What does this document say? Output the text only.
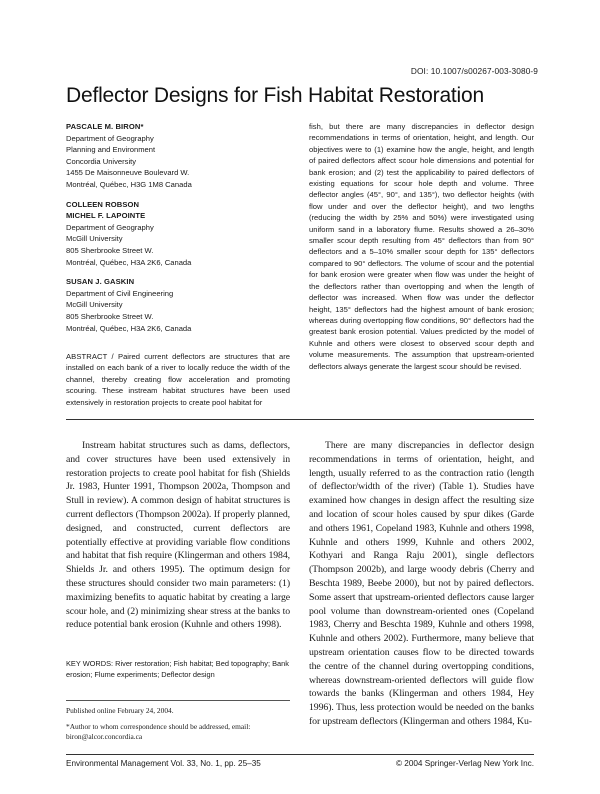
DOI: 10.1007/s00267-003-3080-9
Deflector Designs for Fish Habitat Restoration
PASCALE M. BIRON*
Department of Geography
Planning and Environment
Concordia University
1455 De Maisonneuve Boulevard W.
Montréal, Québec, H3G 1M8 Canada
COLLEEN ROBSON
MICHEL F. LAPOINTE
Department of Geography
McGill University
805 Sherbrooke Street W.
Montréal, Québec, H3A 2K6, Canada
SUSAN J. GASKIN
Department of Civil Engineering
McGill University
805 Sherbrooke Street W.
Montréal, Québec, H3A 2K6, Canada
ABSTRACT / Paired current deflectors are structures that are installed on each bank of a river to locally reduce the width of the channel, thereby creating flow acceleration and promoting scouring. These instream habitat structures have been used extensively in restoration projects to create pool habitat for
fish, but there are many discrepancies in deflector design recommendations in terms of orientation, height, and length. Our objectives were to (1) examine how the angle, height, and length of paired deflectors affect scour hole dimensions and potential for bank erosion; and (2) test the applicability to paired deflectors of existing equations for scour hole depth and volume. Three deflector angles (45°, 90°, and 135°), two deflector heights (with flow under and over the deflector height), and two lengths (reducing the width by 25% and 50%) were investigated using uniform sand in a laboratory flume. Results showed a 26–30% smaller scour depth resulting from 45° deflectors than from 90° deflectors and a 5–10% smaller scour depth for 135° deflectors compared to 90° deflectors. The volume of scour and the potential for bank erosion were greater when flow was under the height of the deflectors rather than overtopping and when the length of deflector was increased. When flow was under the deflector height, 135° deflectors had the highest amount of bank erosion; whereas during overtopping flow conditions, 90° deflectors had the greatest bank erosion potential. Values predicted by the model of Kuhnle and others were closest to observed scour depth and volume measurements. The assumption that upstream-oriented deflectors always generate the largest scour should be revised.
Instream habitat structures such as dams, deflectors, and cover structures have been used extensively in restoration projects to create pool habitat for fish (Shields Jr. 1983, Hunter 1991, Thompson 2002a, Thompson and Stull in review). A common design of habitat structures is current deflectors (Thompson 2002a). If properly planned, designed, and constructed, current deflectors are potentially effective at providing variable flow conditions and habitat that fish require (Klingerman and others 1984, Shields Jr. and others 1995). The optimum design for these structures should consider two main parameters: (1) maximizing benefits to aquatic habitat by creating a large scour hole, and (2) minimizing shear stress at the banks to reduce potential bank erosion (Kuhnle and others 1998).
There are many discrepancies in deflector design recommendations in terms of orientation, height, and length, usually referred to as the contraction ratio (length of deflector/width of the river) (Table 1). Studies have examined how changes in design affect the resulting size and location of scour holes caused by spur dikes (Garde and others 1961, Copeland 1983, Kuhnle and others 1998, Kuhnle and others 1999, Kuhnle and others 2002, Kothyari and Ranga Raju 2001), single deflectors (Thompson 2002b), and large woody debris (Cherry and Beschta 1989, Beebe 2000), but not by paired deflectors. Some assert that upstream-oriented deflectors cause larger pool volume than downstream-oriented ones (Copeland 1983, Cherry and Beschta 1989, Kuhnle and others 1998, Kuhnle and others 2002). Furthermore, many believe that upstream orientation causes flow to be directed towards the centre of the channel during overtopping conditions, whereas downstream-oriented deflectors will guide flow towards the banks (Klingerman and others 1984, Hey 1996). Thus, less protection would be needed on the banks for upstream deflectors (Klingerman and others 1984, Ku-
KEY WORDS: River restoration; Fish habitat; Bed topography; Bank erosion; Flume experiments; Deflector design
Published online February 24, 2004.
*Author to whom correspondence should be addressed, email: biron@alcor.concordia.ca
Environmental Management Vol. 33, No. 1, pp. 25–35	© 2004 Springer-Verlag New York Inc.
